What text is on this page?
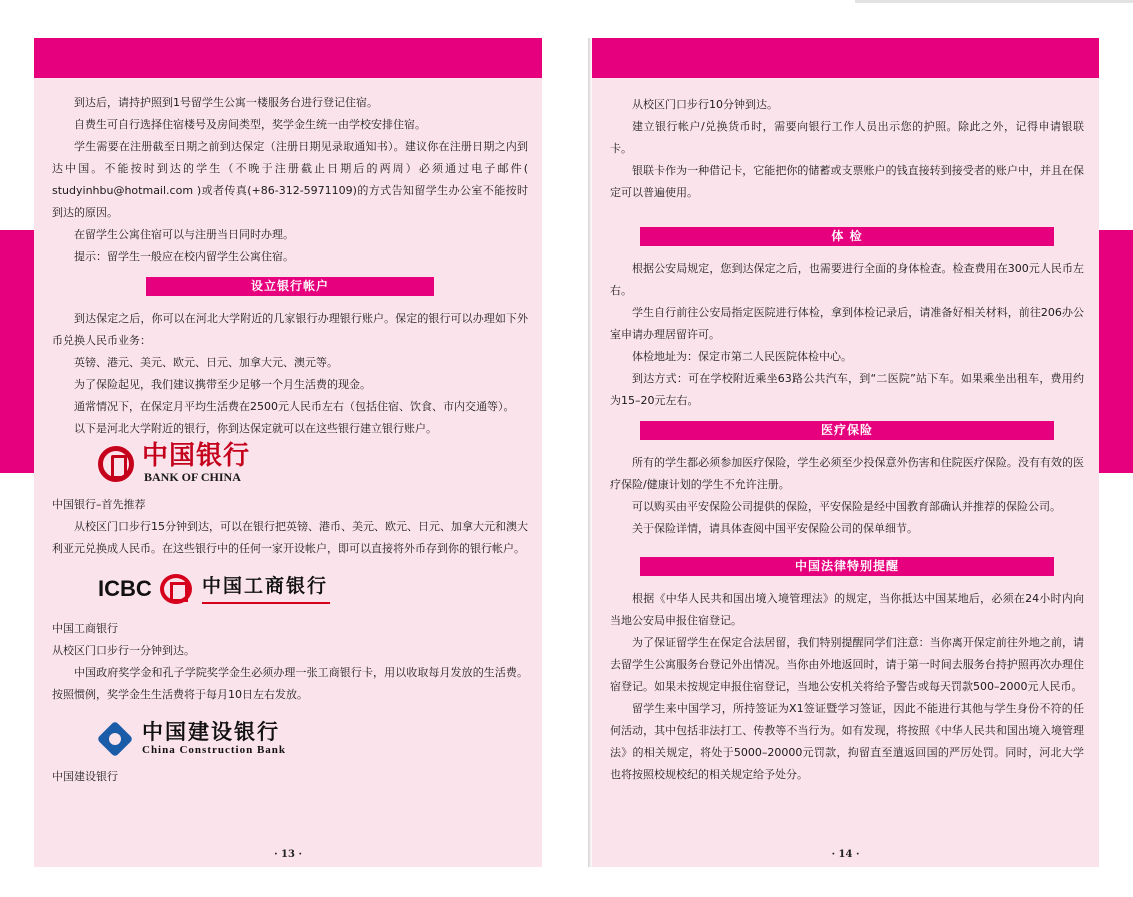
到达后，请持护照到1号留学生公寓一楼服务台进行登记住宿。

自费生可自行选择住宿楼号及房间类型，奖学金生统一由学校安排住宿。

学生需要在注册截至日期之前到达保定（注册日期见录取通知书）。建议你在注册日期之内到达中国。不能按时到达的学生（不晚于注册截止日期后的两周）必须通过电子邮件( studyinhbu@hotmail.com )或者传真(+86-312-5971109)的方式告知留学生办公室不能按时到达的原因。

在留学生公寓住宿可以与注册当日同时办理。

提示：留学生一般应在校内留学生公寓住宿。

设立银行帐户

到达保定之后，你可以在河北大学附近的几家银行办理银行账户。保定的银行可以办理如下外币兑换人民币业务：

英镑、港元、美元、欧元、日元、加拿大元、澳元等。

为了保险起见，我们建议携带至少足够一个月生活费的现金。

通常情况下，在保定月平均生活费在2500元人民币左右（包括住宿、饮食、市内交通等）。

以下是河北大学附近的银行，你到达保定就可以在这些银行建立银行账户。

中国银行
BANK OF CHINA

中国银行–首先推荐

从校区门口步行15分钟到达，可以在银行把英镑、港币、美元、欧元、日元、加拿大元和澳大利亚元兑换成人民币。在这些银行中的任何一家开设帐户，即可以直接将外币存到你的银行帐户。

ICBC	中国工商银行

中国工商银行

从校区门口步行一分钟到达。

中国政府奖学金和孔子学院奖学金生必须办理一张工商银行卡，用以收取每月发放的生活费。按照惯例，奖学金生生活费将于每月10日左右发放。

中国建设银行
China Construction Bank

中国建设银行

· 13 ·

从校区门口步行10分钟到达。

建立银行帐户/兑换货币时，需要向银行工作人员出示您的护照。除此之外，记得申请银联卡。

银联卡作为一种借记卡，它能把你的储蓄或支票账户的钱直接转到接受者的账户中，并且在保定可以普遍使用。

体 检

根据公安局规定，您到达保定之后，也需要进行全面的身体检查。检查费用在300元人民币左右。

学生自行前往公安局指定医院进行体检，拿到体检记录后，请准备好相关材料，前往206办公室申请办理居留许可。

体检地址为：保定市第二人民医院体检中心。

到达方式：可在学校附近乘坐63路公共汽车，到“二医院”站下车。如果乘坐出租车，费用约为15–20元左右。

医疗保险

所有的学生都必须参加医疗保险，学生必须至少投保意外伤害和住院医疗保险。没有有效的医疗保险/健康计划的学生不允许注册。

可以购买由平安保险公司提供的保险，平安保险是经中国教育部确认并推荐的保险公司。

关于保险详情，请具体查阅中国平安保险公司的保单细节。

中国法律特别提醒

根据《中华人民共和国出境入境管理法》的规定，当你抵达中国某地后，必须在24小时内向当地公安局申报住宿登记。

为了保证留学生在保定合法居留，我们特别提醒同学们注意：当你离开保定前往外地之前，请去留学生公寓服务台登记外出情况。当你由外地返回时，请于第一时间去服务台持护照再次办理住宿登记。如果未按规定申报住宿登记，当地公安机关将给予警告或每天罚款500–2000元人民币。

留学生来中国学习，所持签证为X1签证暨学习签证，因此不能进行其他与学生身份不符的任何活动，其中包括非法打工、传教等不当行为。如有发现，将按照《中华人民共和国出境入境管理法》的相关规定，将处于5000–20000元罚款，拘留直至遣返回国的严厉处罚。同时，河北大学也将按照校规校纪的相关规定给予处分。

· 14 ·
